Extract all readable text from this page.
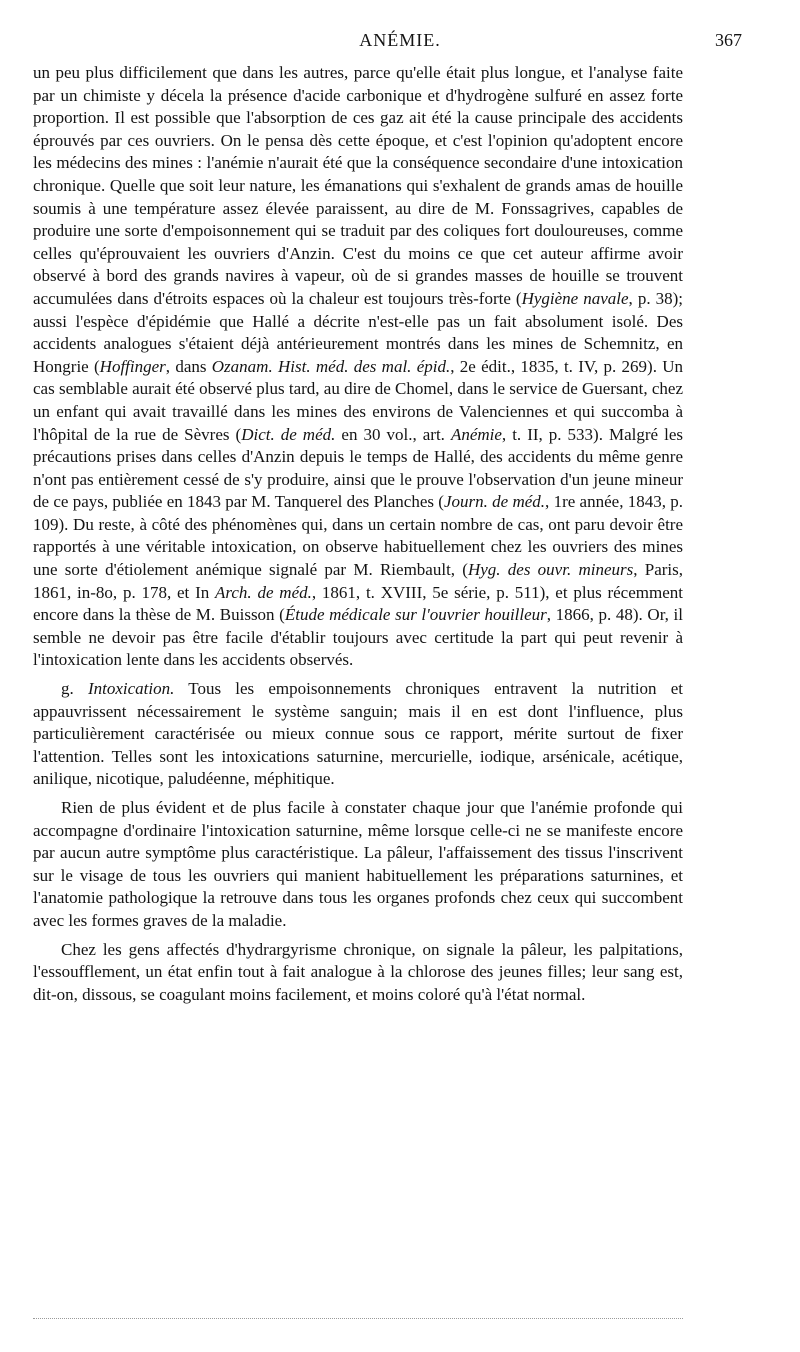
ANÉMIE.	367

un peu plus difficilement que dans les autres, parce qu'elle était plus longue, et l'analyse faite par un chimiste y décela la présence d'acide carbonique et d'hydrogène sulfuré en assez forte proportion. Il est possible que l'absorption de ces gaz ait été la cause principale des accidents éprouvés par ces ouvriers. On le pensa dès cette époque, et c'est l'opinion qu'adoptent encore les médecins des mines : l'anémie n'aurait été que la conséquence secondaire d'une intoxication chronique. Quelle que soit leur nature, les émanations qui s'exhalent de grands amas de houille soumis à une température assez élevée paraissent, au dire de M. Fonssagrives, capables de produire une sorte d'empoisonnement qui se traduit par des coliques fort douloureuses, comme celles qu'éprouvaient les ouvriers d'Anzin. C'est du moins ce que cet auteur affirme avoir observé à bord des grands navires à vapeur, où de si grandes masses de houille se trouvent accumulées dans d'étroits espaces où la chaleur est toujours très-forte (Hygiène navale, p. 38); aussi l'espèce d'épidémie que Hallé a décrite n'est-elle pas un fait absolument isolé. Des accidents analogues s'étaient déjà antérieurement montrés dans les mines de Schemnitz, en Hongrie (Hoffinger, dans Ozanam. Hist. méd. des mal. épid., 2e édit., 1835, t. IV, p. 269). Un cas semblable aurait été observé plus tard, au dire de Chomel, dans le service de Guersant, chez un enfant qui avait travaillé dans les mines des environs de Valenciennes et qui succomba à l'hôpital de la rue de Sèvres (Dict. de méd. en 30 vol., art. Anémie, t. II, p. 533). Malgré les précautions prises dans celles d'Anzin depuis le temps de Hallé, des accidents du même genre n'ont pas entièrement cessé de s'y produire, ainsi que le prouve l'observation d'un jeune mineur de ce pays, publiée en 1843 par M. Tanquerel des Planches (Journ. de méd., 1re année, 1843, p. 109). Du reste, à côté des phénomènes qui, dans un certain nombre de cas, ont paru devoir être rapportés à une véritable intoxication, on observe habituellement chez les ouvriers des mines une sorte d'étiolement anémique signalé par M. Riembault, (Hyg. des ouvr. mineurs, Paris, 1861, in-8o, p. 178, et In Arch. de méd., 1861, t. XVIII, 5e série, p. 511), et plus récemment encore dans la thèse de M. Buisson (Étude médicale sur l'ouvrier houilleur, 1866, p. 48). Or, il semble ne devoir pas être facile d'établir toujours avec certitude la part qui peut revenir à l'intoxication lente dans les accidents observés.

g. Intoxication. Tous les empoisonnements chroniques entravent la nutrition et appauvrissent nécessairement le système sanguin; mais il en est dont l'influence, plus particulièrement caractérisée ou mieux connue sous ce rapport, mérite surtout de fixer l'attention. Telles sont les intoxications saturnine, mercurielle, iodique, arsénicale, acétique, anilique, nicotique, paludéenne, méphitique.

Rien de plus évident et de plus facile à constater chaque jour que l'anémie profonde qui accompagne d'ordinaire l'intoxication saturnine, même lorsque celle-ci ne se manifeste encore par aucun autre symptôme plus caractéristique. La pâleur, l'affaissement des tissus l'inscrivent sur le visage de tous les ouvriers qui manient habituellement les préparations saturnines, et l'anatomie pathologique la retrouve dans tous les organes profonds chez ceux qui succombent avec les formes graves de la maladie.

Chez les gens affectés d'hydrargyrisme chronique, on signale la pâleur, les palpitations, l'essoufflement, un état enfin tout à fait analogue à la chlorose des jeunes filles; leur sang est, dit-on, dissous, se coagulant moins facilement, et moins coloré qu'à l'état normal.
